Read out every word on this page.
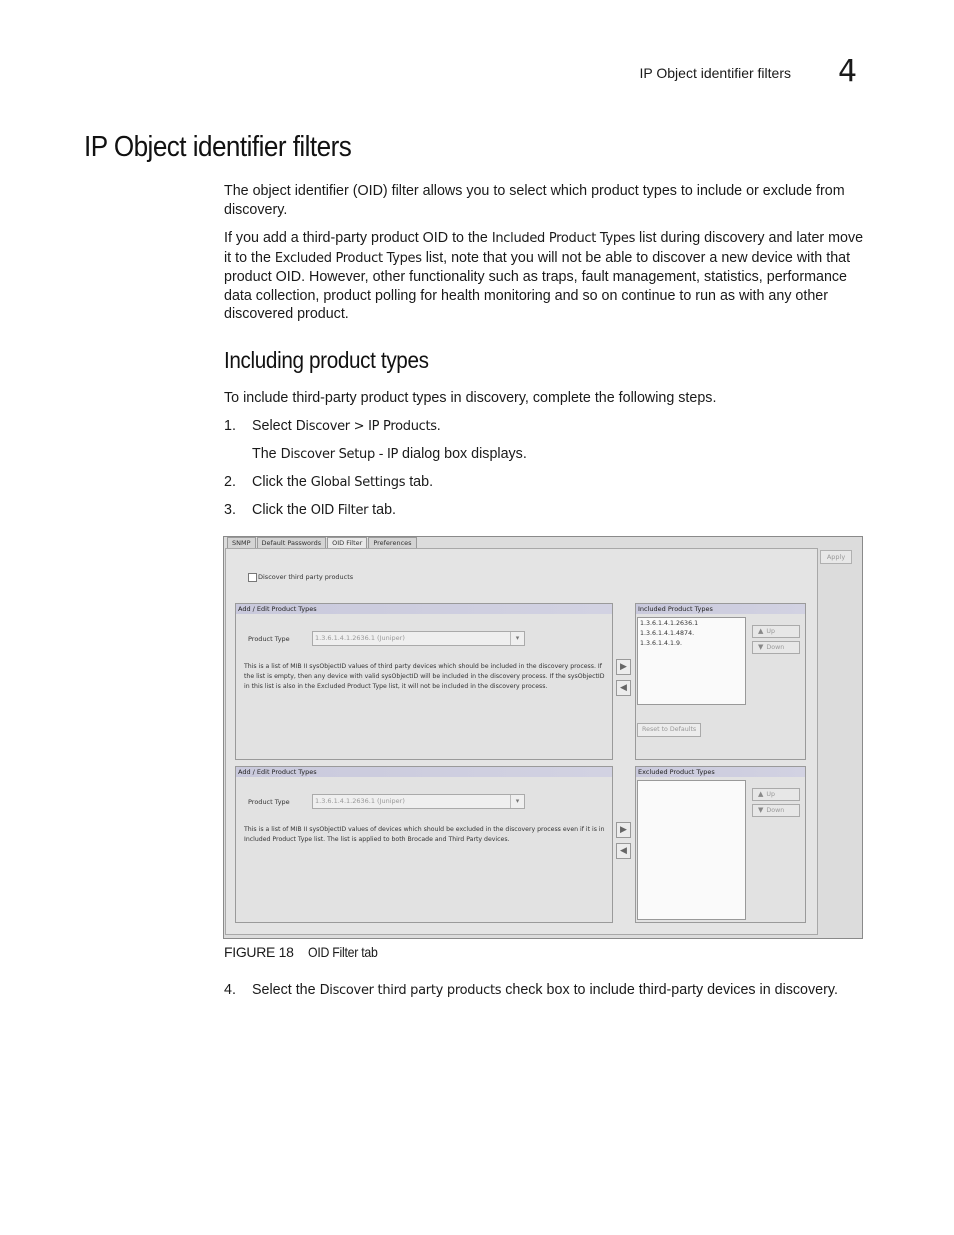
IP Object identifier filters 4
IP Object identifier filters

The object identifier (OID) filter allows you to select which product types to include or exclude from discovery.

If you add a third-party product OID to the Included Product Types list during discovery and later move it to the Excluded Product Types list, note that you will not be able to discover a new device with that product OID. However, other functionality such as traps, fault management, statistics, performance data collection, product polling for health monitoring and so on continue to run as with any other discovered product.

Including product types

To include third-party product types in discovery, complete the following steps.

1. Select Discover > IP Products.

The Discover Setup - IP dialog box displays.

2. Click the Global Settings tab.

3. Click the OID Filter tab.

SNMP	Default Passwords	OID Filter	Preferences
Apply
Discover third party products
Add / Edit Product Types
Product Type	1.3.6.1.4.1.2636.1 (Juniper)	▾
This is a list of MIB II sysObjectID values of third party devices which should be included in the discovery process. If the list is empty, then any device with valid sysObjectID will be included in the discovery process. If the sysObjectID in this list is also in the Excluded Product Type list, it will not be included in the discovery process.
▶
◀
Included Product Types
1.3.6.1.4.1.2636.1
1.3.6.1.4.1.4874.
1.3.6.1.4.1.9.
▲ Up
▼ Down
Reset to Defaults
Add / Edit Product Types
Product Type	1.3.6.1.4.1.2636.1 (Juniper)	▾
This is a list of MIB II sysObjectID values of devices which should be excluded in the discovery process even if it is in Included Product Type list. The list is applied to both Brocade and Third Party devices.
▶
◀
Excluded Product Types
▲ Up
▼ Down
FIGURE 18 OID Filter tab
4. Select the Discover third party products check box to include third-party devices in discovery.
